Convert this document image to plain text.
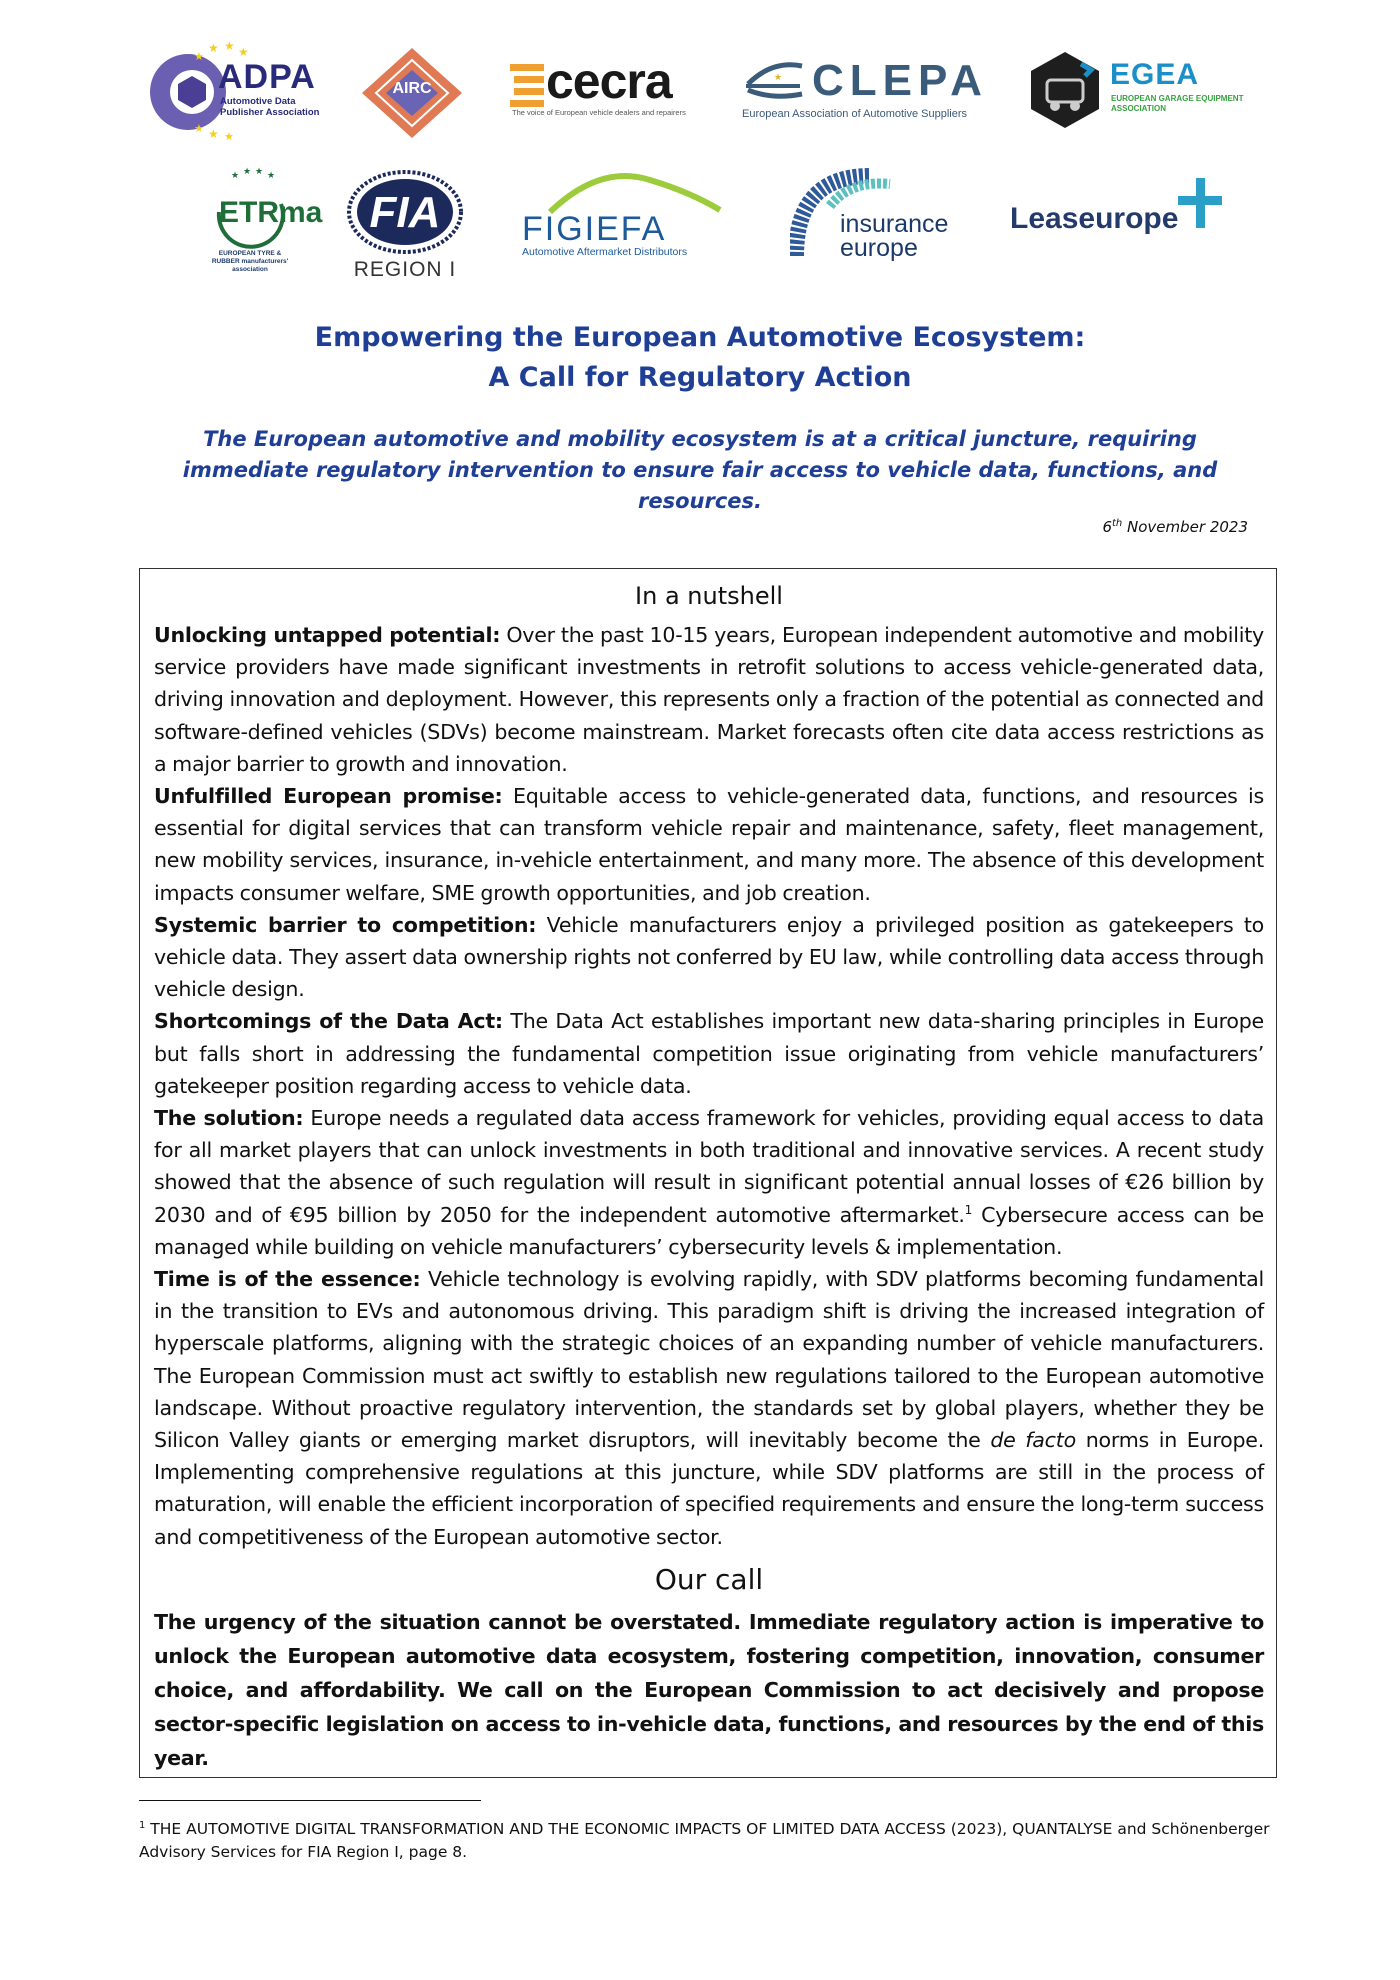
★ ★ ★
★
★
★
★
ADPA
Automotive Data Publisher Association
AIRC	cecra
The voice of European vehicle dealers and repairers
★ CLEPA
European Association of Automotive Suppliers
EGEA
EUROPEAN GARAGE EQUIPMENT ASSOCIATION
★ ★ ★ ★
ETRma
EUROPEAN TYRE & RUBBER manufacturers' association
FIA
REGION I
FIGIEFA
Automotive Aftermarket Distributors
insurance
europe
Leaseurope
Empowering the European Automotive Ecosystem:
A Call for Regulatory Action
The European automotive and mobility ecosystem is at a critical juncture, requiring immediate regulatory intervention to ensure fair access to vehicle data, functions, and resources.
6th November 2023
In a nutshell

Unlocking untapped potential: Over the past 10-15 years, European independent automotive and mobility service providers have made significant investments in retrofit solutions to access vehicle-generated data, driving innovation and deployment. However, this represents only a fraction of the potential as connected and software-defined vehicles (SDVs) become mainstream. Market forecasts often cite data access restrictions as a major barrier to growth and innovation.

Unfulfilled European promise: Equitable access to vehicle-generated data, functions, and resources is essential for digital services that can transform vehicle repair and maintenance, safety, fleet management, new mobility services, insurance, in-vehicle entertainment, and many more. The absence of this development impacts consumer welfare, SME growth opportunities, and job creation.

Systemic barrier to competition: Vehicle manufacturers enjoy a privileged position as gatekeepers to vehicle data. They assert data ownership rights not conferred by EU law, while controlling data access through vehicle design.

Shortcomings of the Data Act: The Data Act establishes important new data-sharing principles in Europe but falls short in addressing the fundamental competition issue originating from vehicle manufacturers’ gatekeeper position regarding access to vehicle data.

The solution: Europe needs a regulated data access framework for vehicles, providing equal access to data for all market players that can unlock investments in both traditional and innovative services. A recent study showed that the absence of such regulation will result in significant potential annual losses of €26 billion by 2030 and of €95 billion by 2050 for the independent automotive aftermarket.$^1$ Cybersecure access can be managed while building on vehicle manufacturers’ cybersecurity levels & implementation.

Time is of the essence: Vehicle technology is evolving rapidly, with SDV platforms becoming fundamental in the transition to EVs and autonomous driving. This paradigm shift is driving the increased integration of hyperscale platforms, aligning with the strategic choices of an expanding number of vehicle manufacturers. The European Commission must act swiftly to establish new regulations tailored to the European automotive landscape. Without proactive regulatory intervention, the standards set by global players, whether they be Silicon Valley giants or emerging market disruptors, will inevitably become the de facto norms in Europe. Implementing comprehensive regulations at this juncture, while SDV platforms are still in the process of maturation, will enable the efficient incorporation of specified requirements and ensure the long-term success and competitiveness of the European automotive sector.

Our call

The urgency of the situation cannot be overstated. Immediate regulatory action is imperative to unlock the European automotive data ecosystem, fostering competition, innovation, consumer choice, and affordability. We call on the European Commission to act decisively and propose sector-specific legislation on access to in-vehicle data, functions, and resources by the end of this year.

$^1$ THE AUTOMOTIVE DIGITAL TRANSFORMATION AND THE ECONOMIC IMPACTS OF LIMITED DATA ACCESS (2023), QUANTALYSE and Schönenberger Advisory Services for FIA Region I, page 8.
